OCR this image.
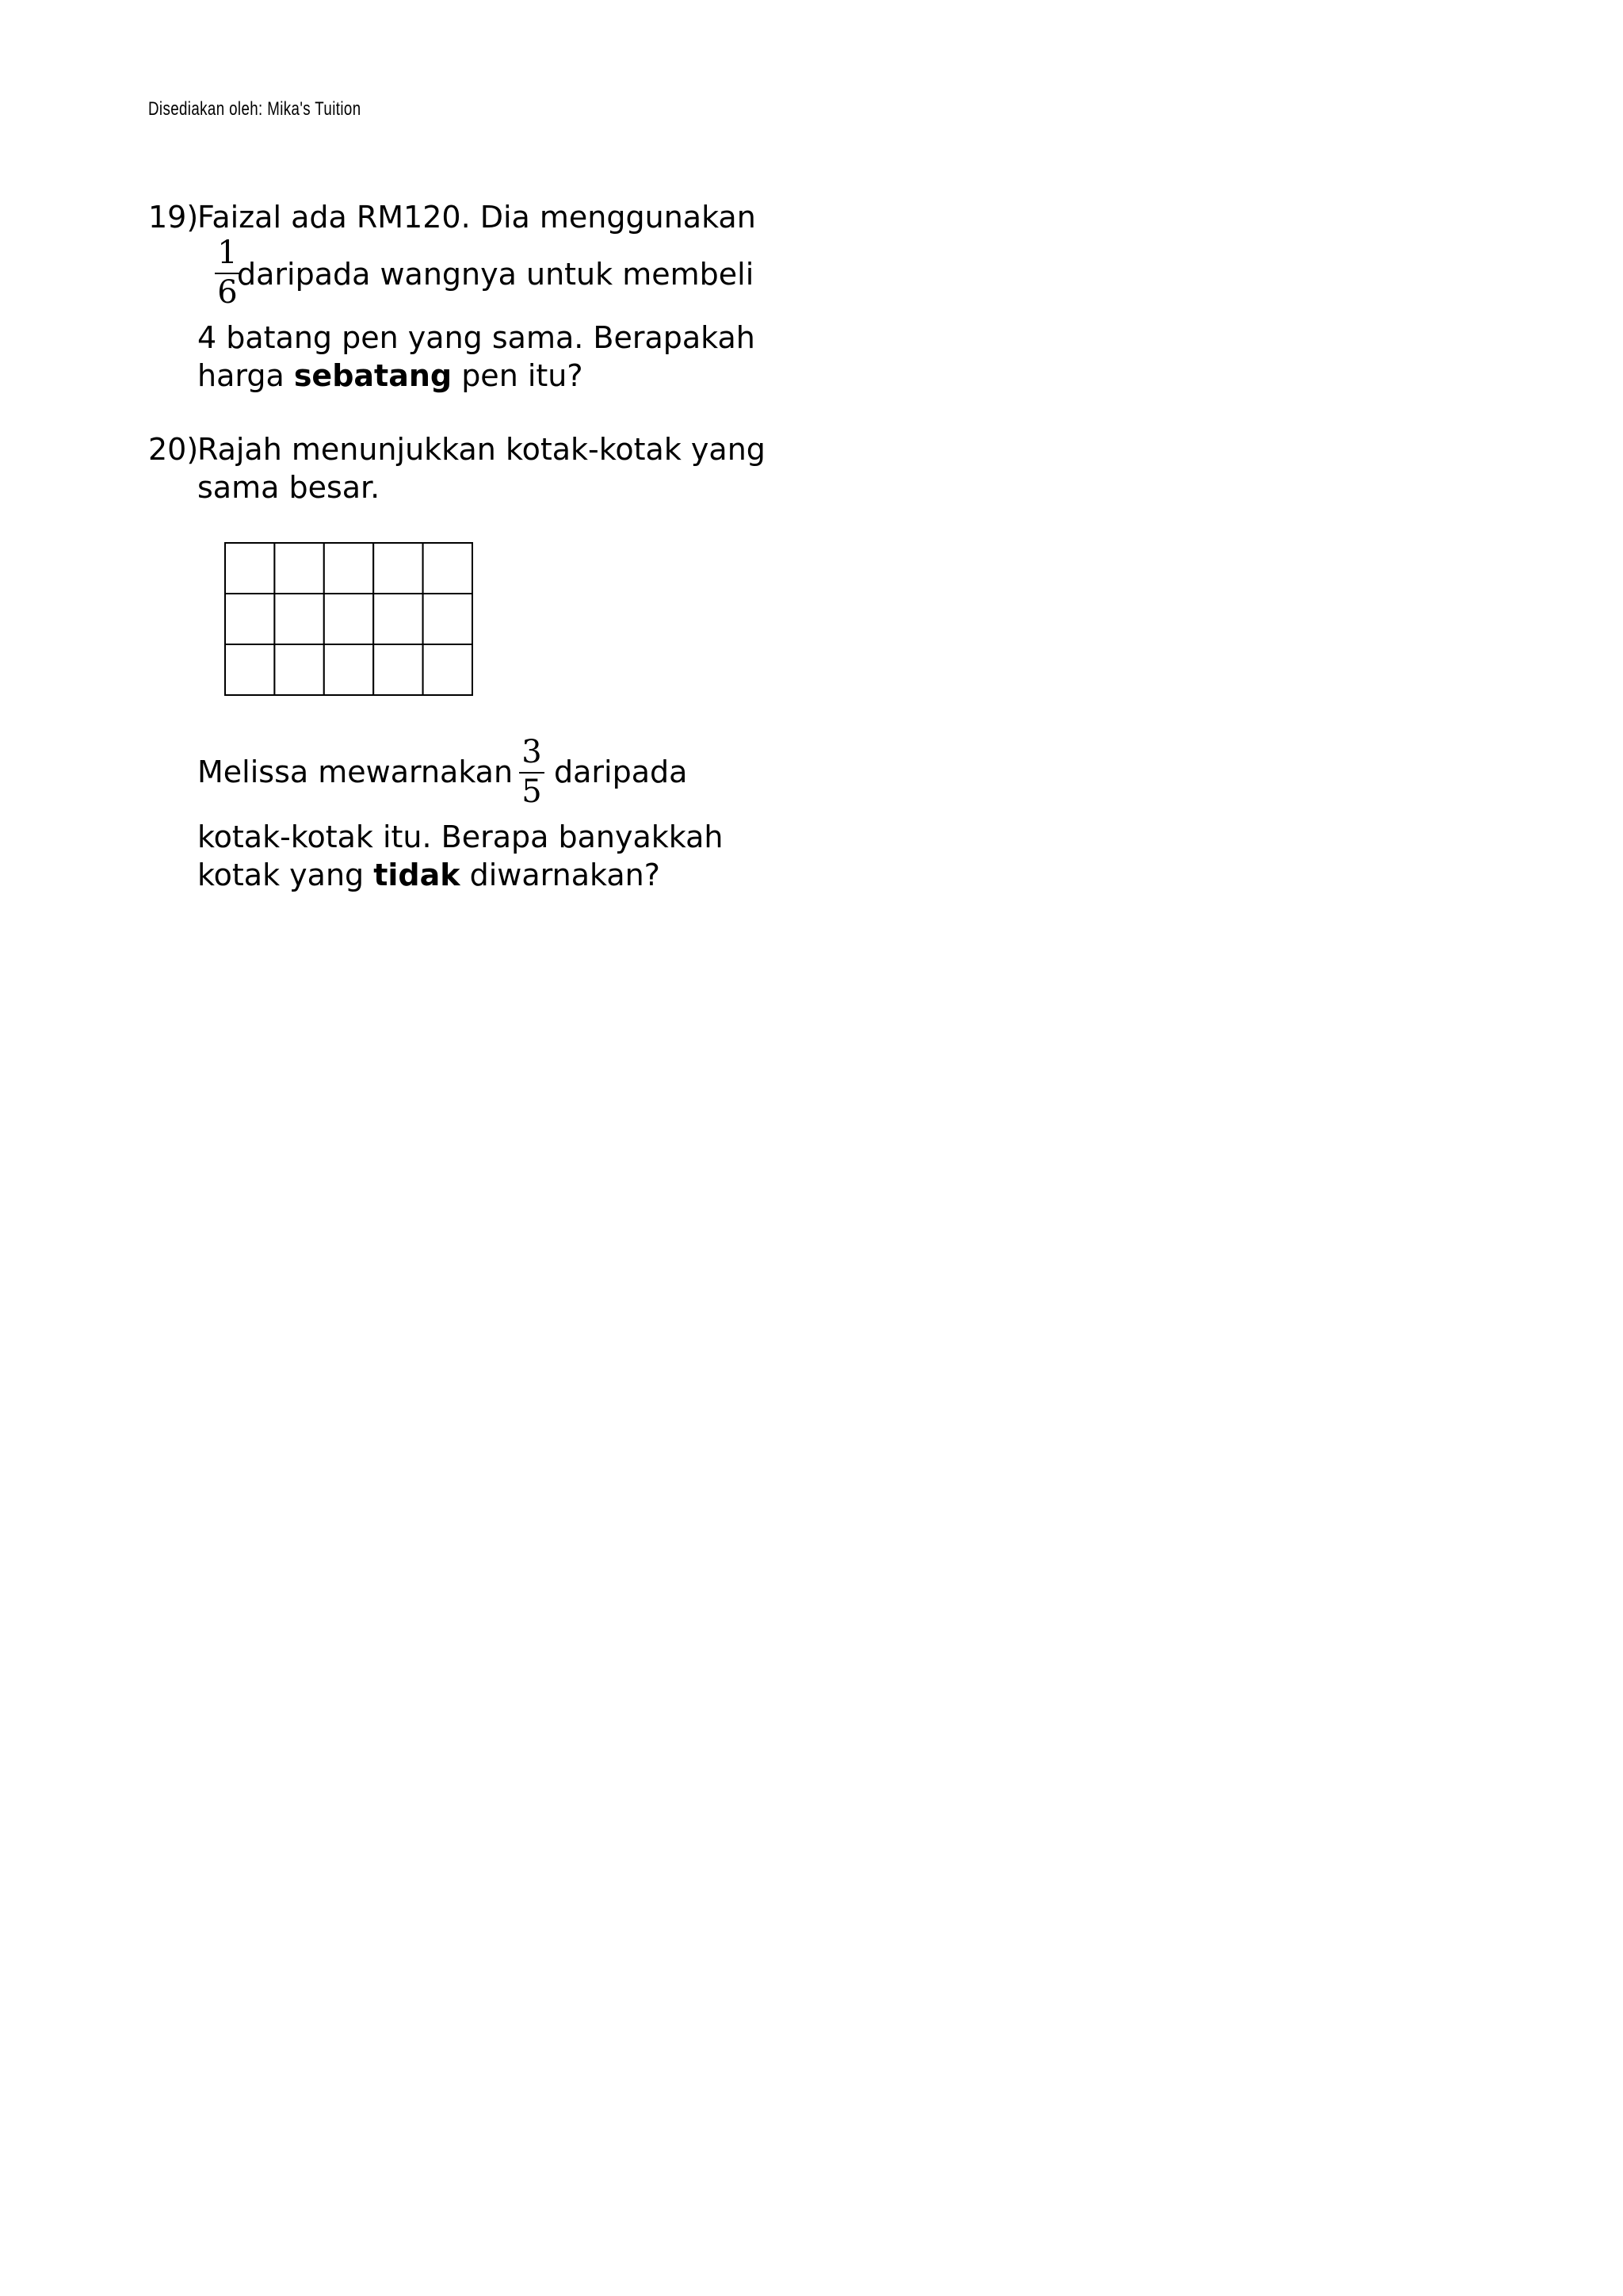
Disediakan oleh: Mika's Tuition
19)
Faizal ada RM120. Dia menggunakan
1
6 daripada wangnya untuk membeli
4 batang pen yang sama. Berapakah
harga sebatang pen itu?
20)
Rajah menunjukkan kotak-kotak yang
sama besar.
Melissa mewarnakan
3
5
daripada
kotak-kotak itu. Berapa banyakkah
kotak yang tidak diwarnakan?
